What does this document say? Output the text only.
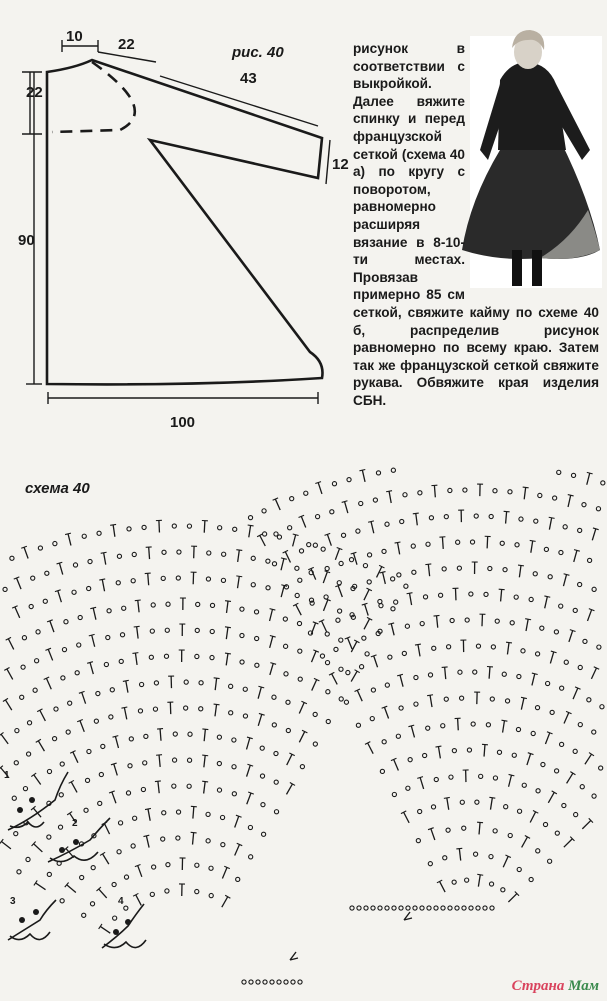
рис. 40
10 22
22
43
12
90
100
рисунок в соответствии с выкройкой. Далее вяжите спинку и перед французской сеткой (схема 40 а) по кругу с поворотом, равномерно расширяя вязание в 8-10-ти местах. Провязав примерно 85 см сеткой, свяжите кайму по схеме 40 б, распределив рисунок равномерно по всему краю. Затем так же французской сеткой свяжите рукава. Обвяжите края изделия СБН.
схема 40
1
2
3	4
Страна Мам
